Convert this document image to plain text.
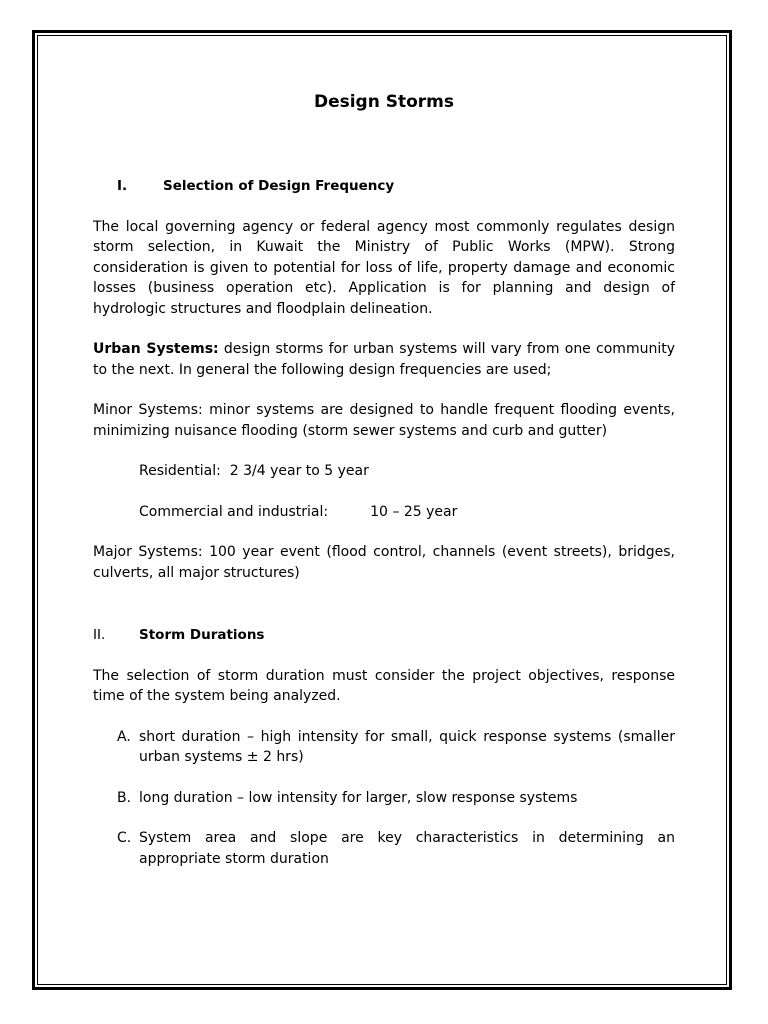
Design Storms
I.	Selection of Design Frequency

The local governing agency or federal agency most commonly regulates design storm selection, in Kuwait the Ministry of Public Works (MPW). Strong consideration is given to potential for loss of life, property damage and economic losses (business operation etc). Application is for planning and design of hydrologic structures and floodplain delineation.

Urban Systems: design storms for urban systems will vary from one community to the next. In general the following design frequencies are used;

Minor Systems: minor systems are designed to handle frequent flooding events, minimizing nuisance flooding (storm sewer systems and curb and gutter)

Residential: 2 3/4 year to 5 year
Commercial and industrial:	10 – 25 year

Major Systems: 100 year event (flood control, channels (event streets), bridges, culverts, all major structures)

II.	Storm Durations

The selection of storm duration must consider the project objectives, response time of the system being analyzed.

A. short duration – high intensity for small, quick response systems (smaller urban systems ± 2 hrs)
B. long duration – low intensity for larger, slow response systems
C. System area and slope are key characteristics in determining an appropriate storm duration
